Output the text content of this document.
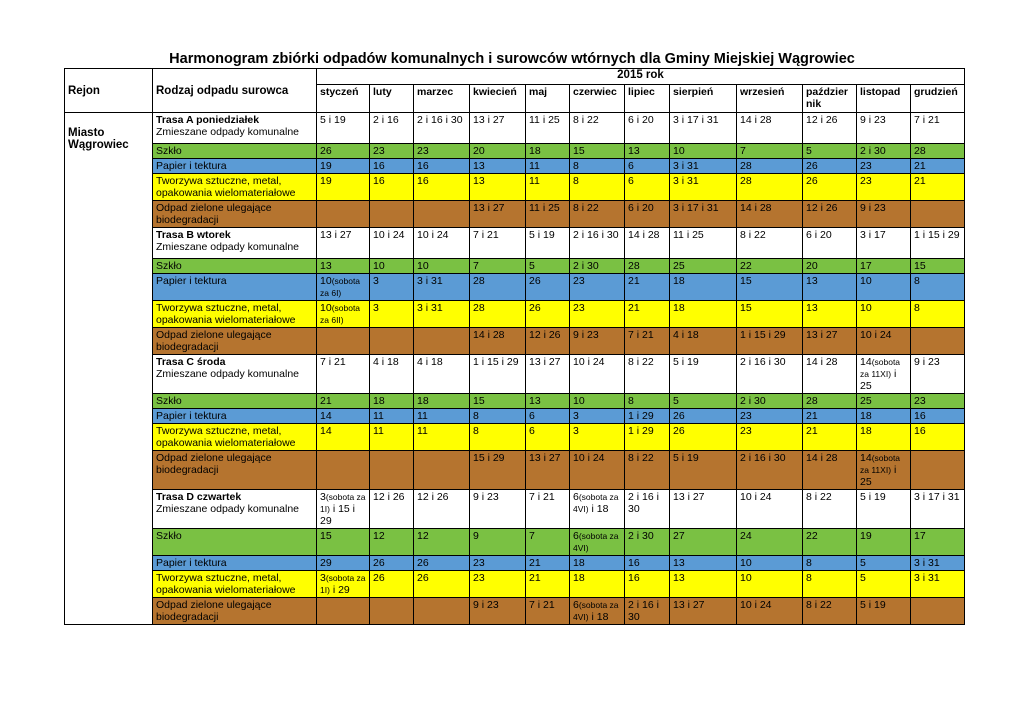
Harmonogram zbiórki odpadów komunalnych i surowców wtórnych dla Gminy Miejskiej Wągrowiec
Rejon	Rodzaj odpadu surowca	2015 rok											
		styczeń	luty	marzec	kwiecień	maj	czerwiec	lipiec	sierpień	wrzesień	paździer nik	listopad	grudzień
Miasto Wągrowiec	Trasa A poniedziałek
Zmieszane odpady komunalne	5 i 19	2 i 16	2 i 16 i 30	13 i 27	11 i 25	8 i 22	6 i 20	3 i 17 i 31	14 i 28	12 i 26	9 i 23	7 i 21

	Szkło	26	23	23	20	18	15	13	10	7	5	2 i 30	28

	Papier i tektura	19	16	16	13	11	8	6	3 i 31	28	26	23	21

	Tworzywa sztuczne, metal, opakowania wielomateriałowe	19	16	16	13	11	8	6	3 i 31	28	26	23	21

	Odpad zielone ulegające biodegradacji				13 i 27	11 i 25	8 i 22	6 i 20	3 i 17 i 31	14 i 28	12 i 26	9 i 23	

	Trasa B wtorek
Zmieszane odpady komunalne	13 i 27	10 i 24	10 i 24	7 i 21	5 i 19	2 i 16 i 30	14 i 28	11 i 25	8 i 22	6 i 20	3 i 17	1 i 15 i 29

	Szkło	13	10	10	7	5	2 i 30	28	25	22	20	17	15

	Papier i tektura	10(sobota za 6I)	3	3 i 31	28	26	23	21	18	15	13	10	8

	Tworzywa sztuczne, metal, opakowania wielomateriałowe	10(sobota za 6II)	3	3 i 31	28	26	23	21	18	15	13	10	8

	Odpad zielone ulegające biodegradacji				14 i 28	12 i 26	9 i 23	7 i 21	4 i 18	1 i 15 i 29	13 i 27	10 i 24	

	Trasa C środa
Zmieszane odpady komunalne	7 i 21	4 i 18	4 i 18	1 i 15 i 29	13 i 27	10 i 24	8 i 22	5 i 19	2 i 16 i 30	14 i 28	14(sobota za 11XI) i 25	9 i 23

	Szkło	21	18	18	15	13	10	8	5	2 i 30	28	25	23

	Papier i tektura	14	11	11	8	6	3	1 i 29	26	23	21	18	16

	Tworzywa sztuczne, metal, opakowania wielomateriałowe	14	11	11	8	6	3	1 i 29	26	23	21	18	16

	Odpad zielone ulegające biodegradacji				15 i 29	13 i 27	10 i 24	8 i 22	5 i 19	2 i 16 i 30	14 i 28	14(sobota za 11XI) i 25	

	Trasa D czwartek
Zmieszane odpady komunalne	3(sobota za 1I) i 15 i 29	12 i 26	12 i 26	9 i 23	7 i 21	6(sobota za 4VI) i 18	2 i 16 i 30	13 i 27	10 i 24	8 i 22	5 i 19	3 i 17 i 31

	Szkło	15	12	12	9	7	6(sobota za 4VI)	2 i 30	27	24	22	19	17

	Papier i tektura	29	26	26	23	21	18	16	13	10	8	5	3 i 31

	Tworzywa sztuczne, metal, opakowania wielomateriałowe	3(sobota za 1I) i 29	26	26	23	21	18	16	13	10	8	5	3 i 31

	Odpad zielone ulegające biodegradacji				9 i 23	7 i 21	6(sobota za 4VI) i 18	2 i 16 i 30	13 i 27	10 i 24	8 i 22	5 i 19	
